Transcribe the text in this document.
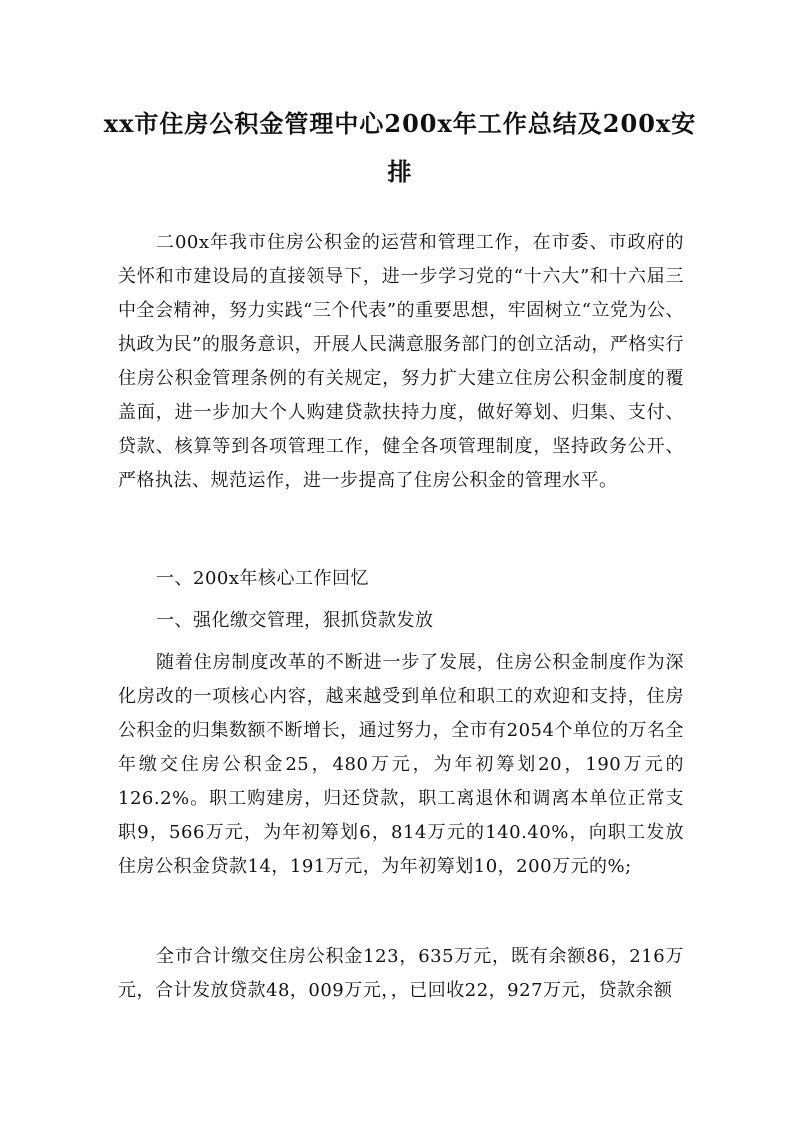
xx市住房公积金管理中心200x年工作总结及200x安排
二00x年我市住房公积金的运营和管理工作，在市委、市政府的关怀和市建设局的直接领导下，进一步学习党的“十六大”和十六届三中全会精神，努力实践“三个代表”的重要思想，牢固树立“立党为公、执政为民”的服务意识，开展人民满意服务部门的创立活动，严格实行住房公积金管理条例的有关规定，努力扩大建立住房公积金制度的覆盖面，进一步加大个人购建贷款扶持力度，做好筹划、归集、支付、贷款、核算等到各项管理工作，健全各项管理制度，坚持政务公开、严格执法、规范运作，进一步提高了住房公积金的管理水平。
一、200x年核心工作回忆
一、强化缴交管理，狠抓贷款发放
随着住房制度改革的不断进一步了发展，住房公积金制度作为深化房改的一项核心内容，越来越受到单位和职工的欢迎和支持，住房公积金的归集数额不断增长，通过努力，全市有2054个单位的万名全年缴交住房公积金25，480万元，为年初筹划20，190万元的126.2%。职工购建房，归还贷款，职工离退休和调离本单位正常支职9，566万元，为年初筹划6，814万元的140.40%，向职工发放住房公积金贷款14，191万元，为年初筹划10，200万元的%;
全市合计缴交住房公积金123，635万元，既有余额86，216万元，合计发放贷款48，009万元，，已回收22，927万元，贷款余额
